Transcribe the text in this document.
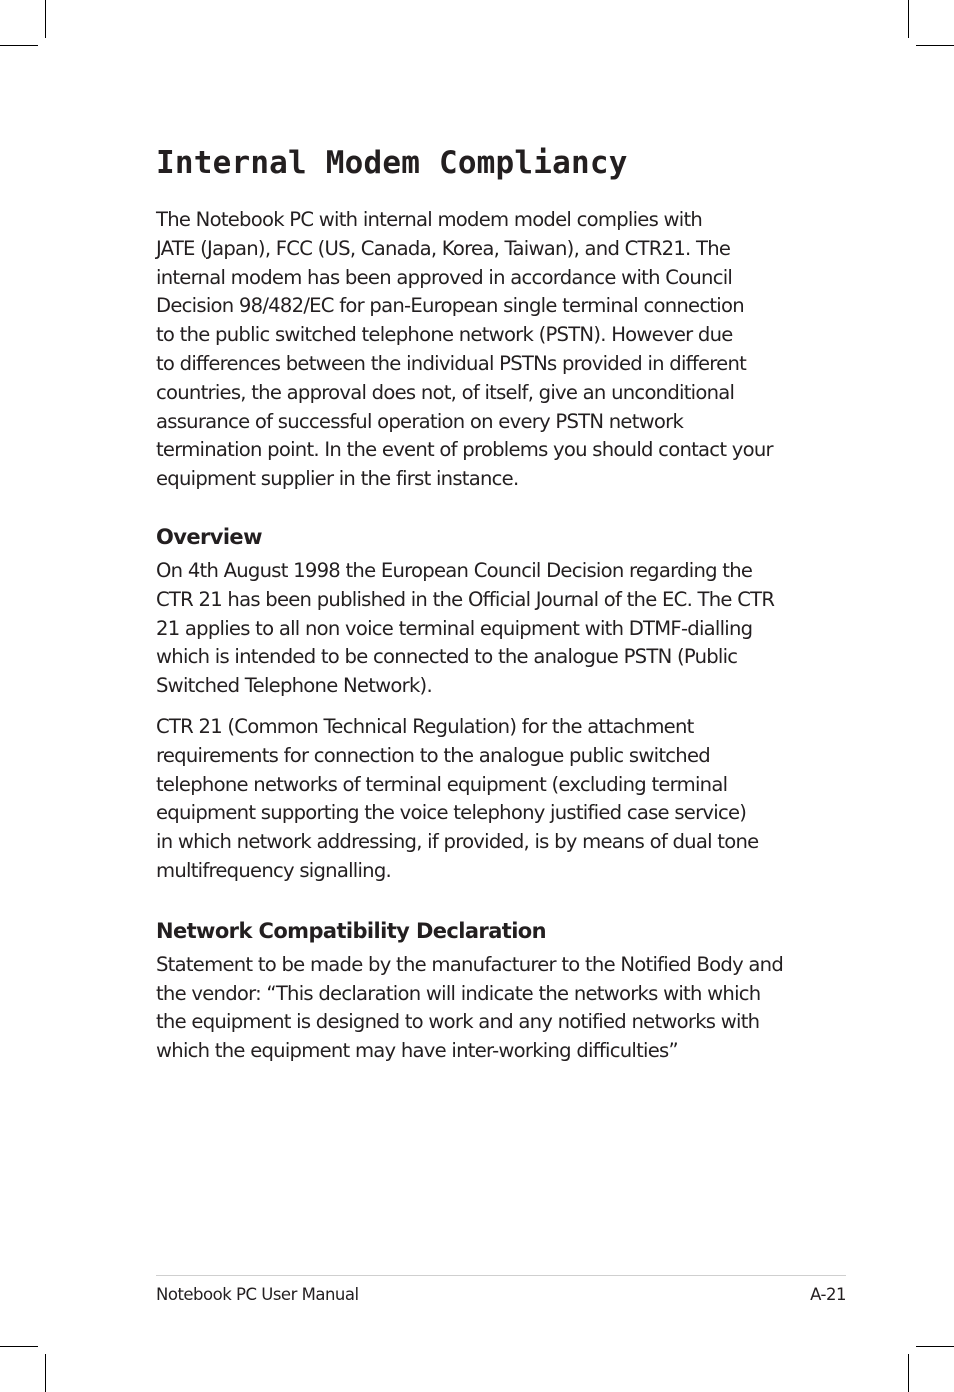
Internal Modem Compliancy

The Notebook PC with internal modem model complies with
JATE (Japan), FCC (US, Canada, Korea, Taiwan), and CTR21. The
internal modem has been approved in accordance with Council
Decision 98/482/EC for pan-European single terminal connection
to the public switched telephone network (PSTN). However due
to differences between the individual PSTNs provided in different
countries, the approval does not, of itself, give an unconditional
assurance of successful operation on every PSTN network
termination point. In the event of problems you should contact your
equipment supplier in the first instance.

Overview

On 4th August 1998 the European Council Decision regarding the
CTR 21 has been published in the Official Journal of the EC. The CTR
21 applies to all non voice terminal equipment with DTMF-dialling
which is intended to be connected to the analogue PSTN (Public
Switched Telephone Network).

CTR 21 (Common Technical Regulation) for the attachment
requirements for connection to the analogue public switched
telephone networks of terminal equipment (excluding terminal
equipment supporting the voice telephony justified case service)
in which network addressing, if provided, is by means of dual tone
multifrequency signalling.

Network Compatibility Declaration

Statement to be made by the manufacturer to the Notified Body and
the vendor: “This declaration will indicate the networks with which
the equipment is designed to work and any notified networks with
which the equipment may have inter-working difficulties”

Notebook PC User Manual	A-21
